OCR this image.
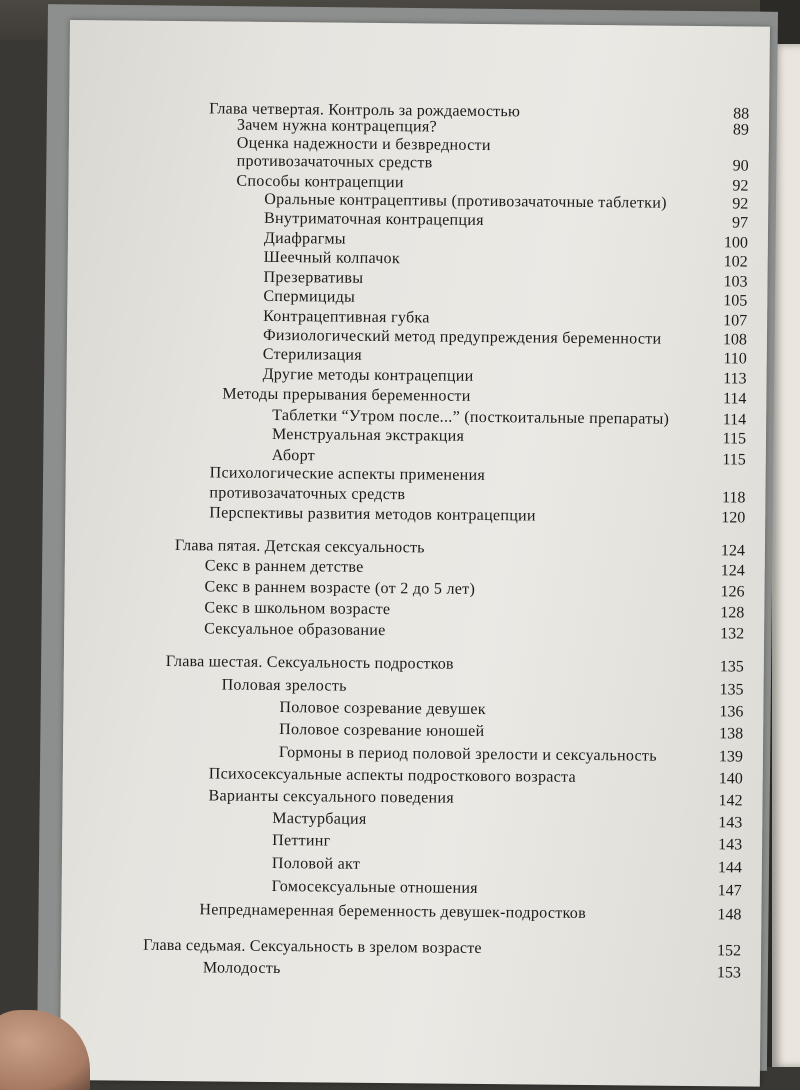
Глава четвертая. Контроль за рождаемостью	88
Зачем нужна контрацепция?	89
Оценка надежности и безвредности
противозачаточных средств	90
Способы контрацепции	92
Оральные контрацептивы (противозачаточные таблетки)	92
Внутриматочная контрацепция	97
Диафрагмы	100
Шеечный колпачок	102
Презервативы	103
Спермициды	105
Контрацептивная губка	107
Физиологический метод предупреждения беременности	108
Стерилизация	110
Другие методы контрацепции	113
Методы прерывания беременности	114
Таблетки “Утром после...” (посткоитальные препараты)	114
Менструальная экстракция	115
Аборт	115
Психологические аспекты применения
противозачаточных средств	118
Перспективы развития методов контрацепции	120
Глава пятая. Детская сексуальность	124
Секс в раннем детстве	124
Секс в раннем возрасте (от 2 до 5 лет)	126
Секс в школьном возрасте	128
Сексуальное образование	132
Глава шестая. Сексуальность подростков	135
Половая зрелость	135
Половое созревание девушек	136
Половое созревание юношей	138
Гормоны в период половой зрелости и сексуальность	139
Психосексуальные аспекты подросткового возраста	140
Варианты сексуального поведения	142
Мастурбация	143
Петтинг	143
Половой акт	144
Гомосексуальные отношения	147
Непреднамеренная беременность девушек-подростков	148
Глава седьмая. Сексуальность в зрелом возрасте	152
Молодость	153
